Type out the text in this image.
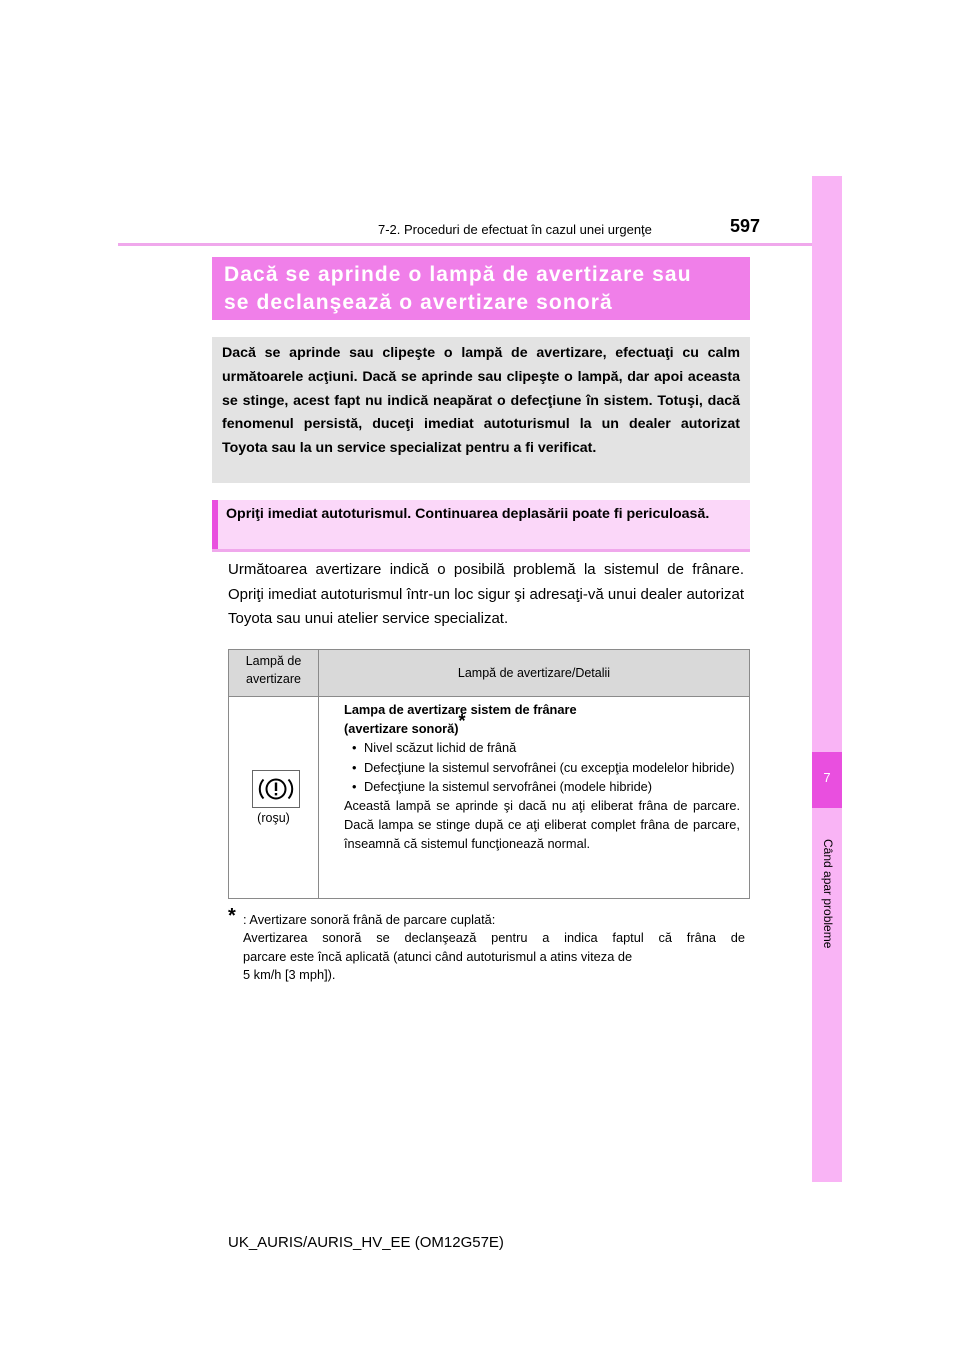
7
Când apar probleme
7-2. Proceduri de efectuat în cazul unei urgenţe	597
Dacă se aprinde o lampă de avertizare sau
se declanşează o avertizare sonoră

Dacă se aprinde sau clipeşte o lampă de avertizare, efectuaţi cu calm următoarele acţiuni. Dacă se aprinde sau clipeşte o lampă, dar apoi aceasta se stinge, acest fapt nu indică neapărat o defecţiune în sistem. Totuşi, dacă fenomenul persistă, duceţi imediat autoturismul la un dealer autorizat Toyota sau la un service specializat pentru a fi verificat.

Opriţi imediat autoturismul. Continuarea deplasării poate fi periculoasă.

Următoarea avertizare indică o posibilă problemă la sistemul de frânare. Opriţi imediat autoturismul într-un loc sigur şi adresaţi-vă unui dealer autorizat Toyota sau unui atelier service specializat.

Lampă de avertizare	Lampă de avertizare/Detalii
(roşu)
Lampa de avertizare sistem de frânare
(avertizare sonoră)*
• Nivel scăzut lichid de frână
• Defecţiune la sistemul servofrânei (cu excepţia modelelor hibride)
• Defecţiune la sistemul servofrânei (modele hibride)
Această lampă se aprinde şi dacă nu aţi eliberat frâna de parcare. Dacă lampa se stinge după ce aţi eliberat complet frâna de parcare, înseamnă că sistemul funcţionează normal.
* : Avertizare sonoră frână de parcare cuplată:
Avertizarea sonoră se declanşează pentru a indica faptul că frâna de
parcare este încă aplicată (atunci când autoturismul a atins viteza de
5 km/h [3 mph]).
UK_AURIS/AURIS_HV_EE (OM12G57E)
